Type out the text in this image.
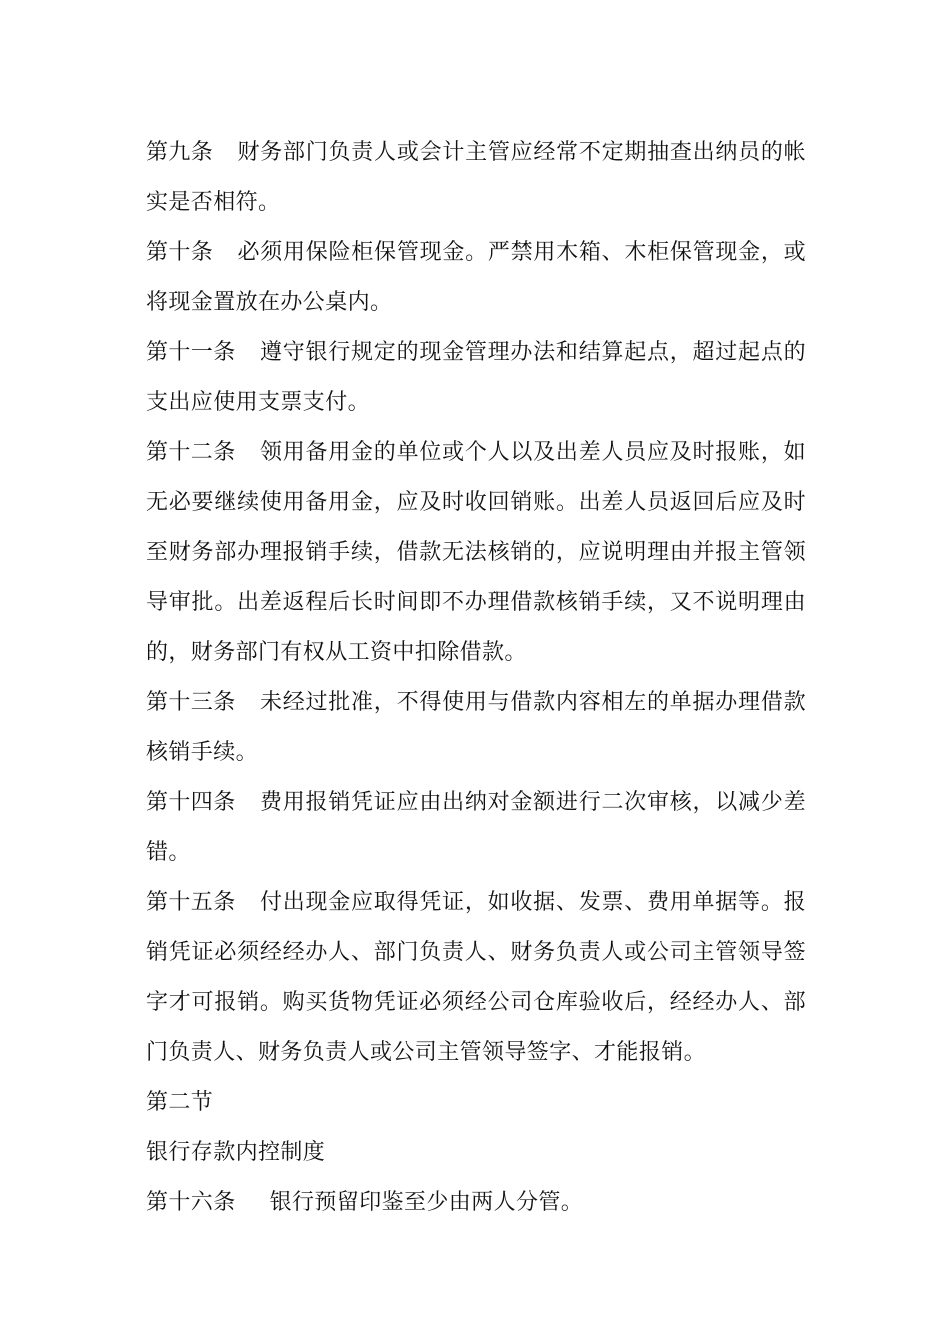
第九条 财务部门负责人或会计主管应经常不定期抽查出纳员的帐实是否相符。

第十条 必须用保险柜保管现金。严禁用木箱、木柜保管现金，或将现金置放在办公桌内。

第十一条 遵守银行规定的现金管理办法和结算起点，超过起点的支出应使用支票支付。

第十二条 领用备用金的单位或个人以及出差人员应及时报账，如无必要继续使用备用金，应及时收回销账。出差人员返回后应及时至财务部办理报销手续，借款无法核销的，应说明理由并报主管领导审批。出差返程后长时间即不办理借款核销手续，又不说明理由的，财务部门有权从工资中扣除借款。

第十三条 未经过批准，不得使用与借款内容相左的单据办理借款核销手续。

第十四条 费用报销凭证应由出纳对金额进行二次审核，以减少差错。

第十五条 付出现金应取得凭证，如收据、发票、费用单据等。报销凭证必须经经办人、部门负责人、财务负责人或公司主管领导签字才可报销。购买货物凭证必须经公司仓库验收后，经经办人、部门负责人、财务负责人或公司主管领导签字、才能报销。

第二节

银行存款内控制度

第十六条 银行预留印鉴至少由两人分管。
